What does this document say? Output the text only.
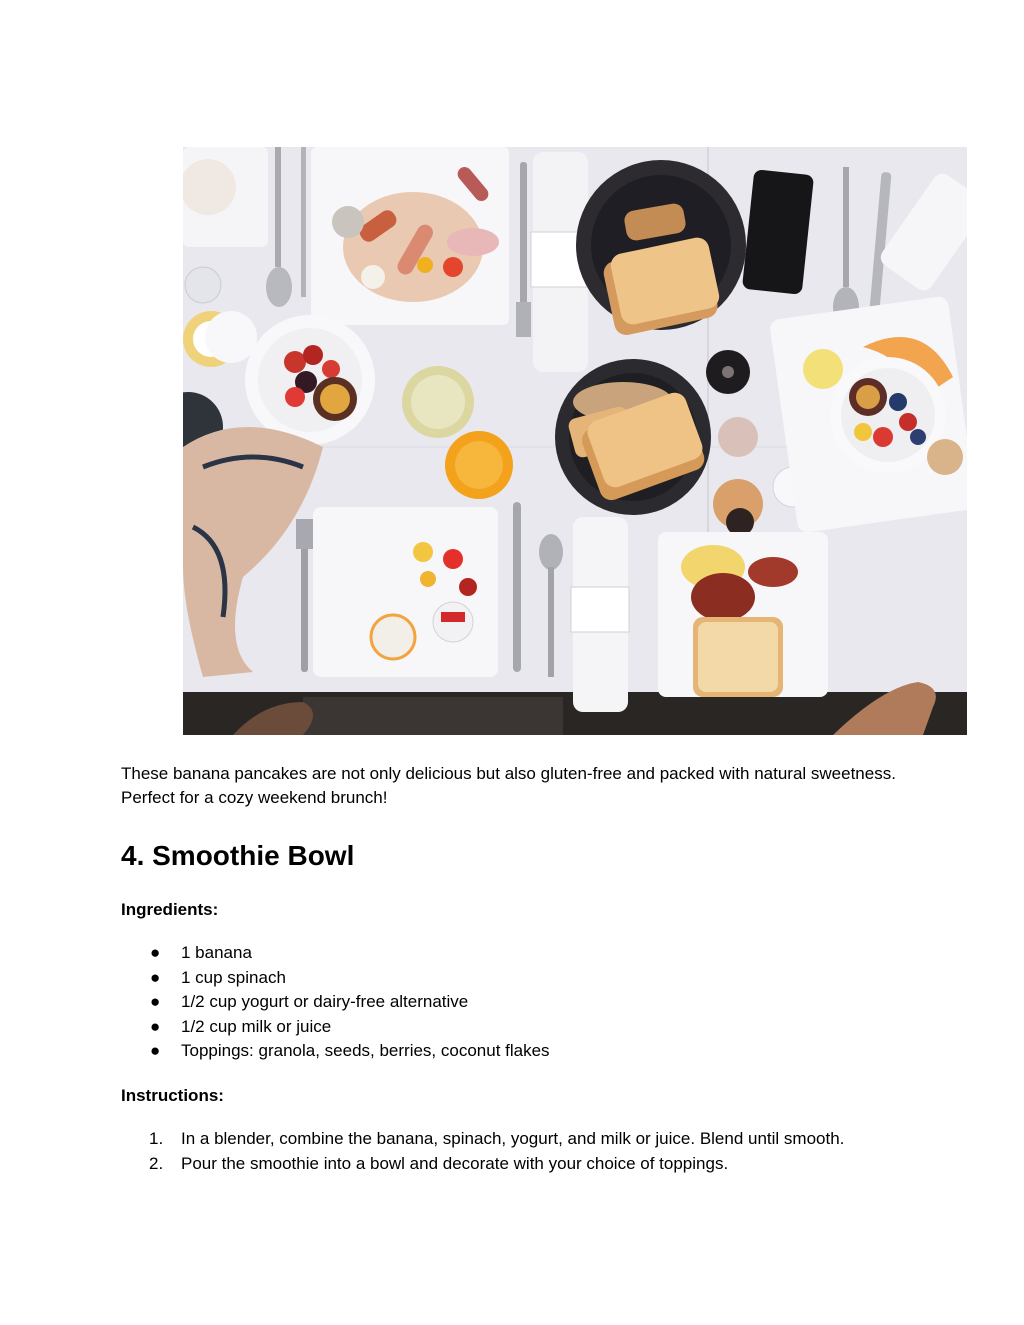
These banana pancakes are not only delicious but also gluten-free and packed with natural sweetness. Perfect for a cozy weekend brunch!

4. Smoothie Bowl

Ingredients:

●	1 banana
●	1 cup spinach
●	1/2 cup yogurt or dairy-free alternative
●	1/2 cup milk or juice
●	Toppings: granola, seeds, berries, coconut flakes

Instructions:

1.	In a blender, combine the banana, spinach, yogurt, and milk or juice. Blend until smooth.
2.	Pour the smoothie into a bowl and decorate with your choice of toppings.
